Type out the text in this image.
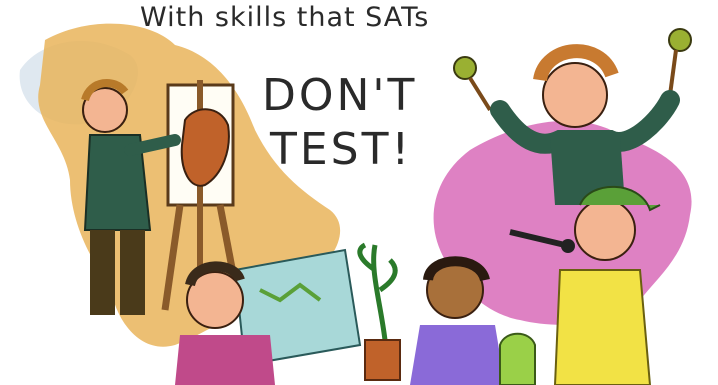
With skills that SATs
DON'T
TEST!
